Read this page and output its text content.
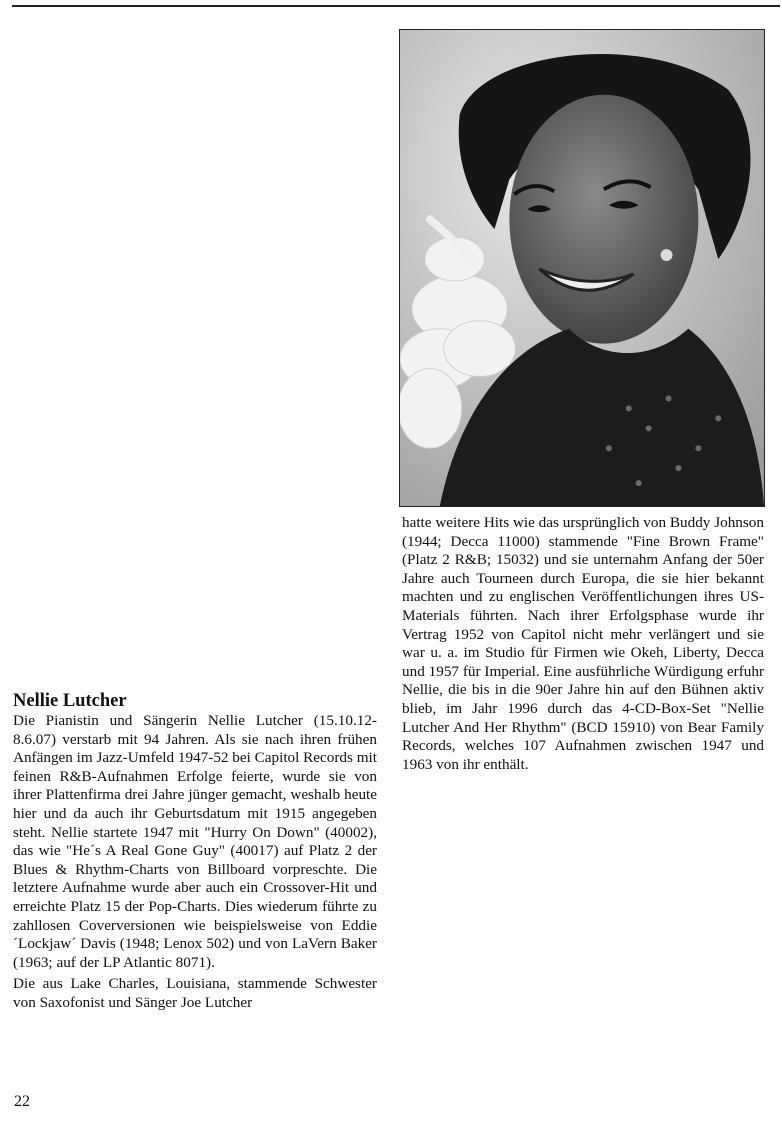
Nellie Lutcher

Die Pianistin und Sängerin Nellie Lutcher (15.10.12-8.6.07) verstarb mit 94 Jahren. Als sie nach ihren frühen Anfängen im Jazz-Umfeld 1947-52 bei Capitol Records mit feinen R&B-Aufnahmen Erfolge feierte, wurde sie von ihrer Plattenfirma drei Jahre jünger gemacht, weshalb heute hier und da auch ihr Geburtsdatum mit 1915 angegeben steht. Nellie startete 1947 mit "Hurry On Down" (40002), das wie "He´s A Real Gone Guy" (40017) auf Platz 2 der Blues & Rhythm-Charts von Billboard vorpreschte. Die letztere Aufnahme wurde aber auch ein Crossover-Hit und erreichte Platz 15 der Pop-Charts. Dies wiederum führte zu zahllosen Coverversionen wie beispielsweise von Eddie ´Lockjaw´ Davis (1948; Lenox 502) und von LaVern Baker (1963; auf der LP Atlantic 8071).

Die aus Lake Charles, Louisiana, stammende Schwester von Saxofonist und Sänger Joe Lutcher

hatte weitere Hits wie das ursprünglich von Buddy Johnson (1944; Decca 11000) stammende "Fine Brown Frame" (Platz 2 R&B; 15032) und sie unternahm Anfang der 50er Jahre auch Tourneen durch Europa, die sie hier bekannt machten und zu englischen Veröffentlichungen ihres US-Materials führten. Nach ihrer Erfolgsphase wurde ihr Vertrag 1952 von Capitol nicht mehr verlängert und sie war u. a. im Studio für Firmen wie Okeh, Liberty, Decca und 1957 für Imperial. Eine ausführliche Würdigung erfuhr Nellie, die bis in die 90er Jahre hin auf den Bühnen aktiv blieb, im Jahr 1996 durch das 4-CD-Box-Set "Nellie Lutcher And Her Rhythm" (BCD 15910) von Bear Family Records, welches 107 Aufnahmen zwischen 1947 und 1963 von ihr enthält.

22
